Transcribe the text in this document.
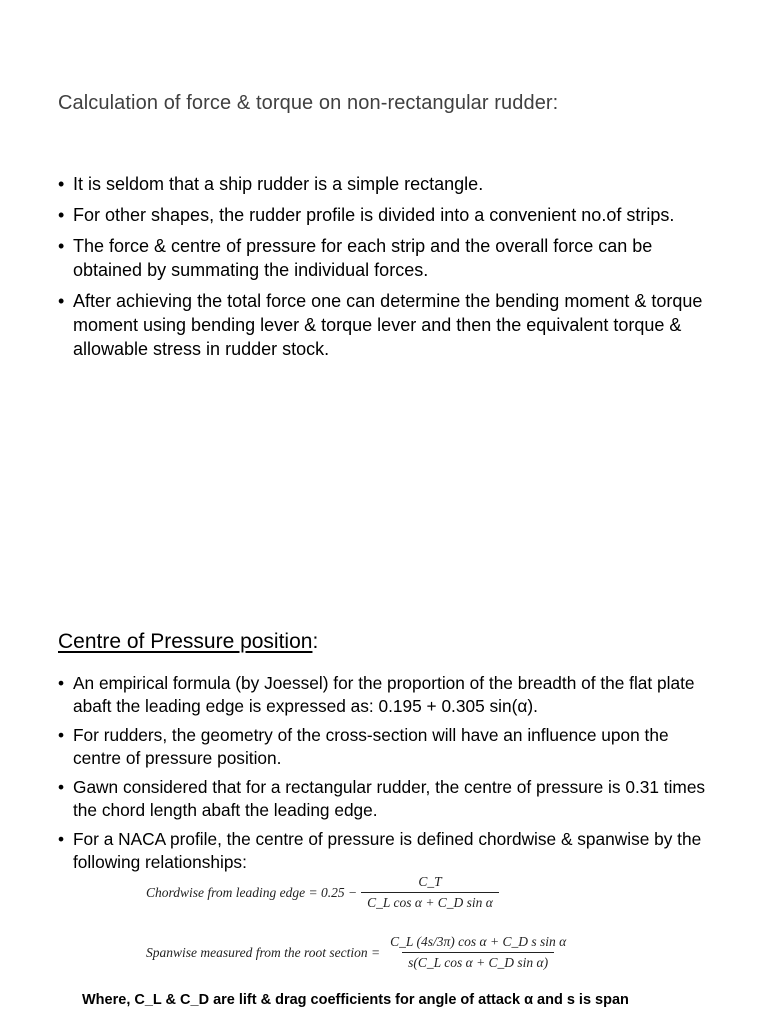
Calculation of force & torque on non-rectangular rudder:
• It is seldom that a ship rudder is a simple rectangle.
• For other shapes, the rudder profile is divided into a convenient no.of strips.
• The force & centre of pressure for each strip and the overall force can be obtained by summating the individual forces.
• After achieving the total force one can determine the bending moment & torque moment using bending lever & torque lever and then the equivalent torque & allowable stress in rudder stock.
Centre of Pressure position:
• An empirical formula (by Joessel) for the proportion of the breadth of the flat plate abaft the leading edge is expressed as: 0.195 + 0.305 sin(α).
• For rudders, the geometry of the cross-section will have an influence upon the centre of pressure position.
• Gawn considered that for a rectangular rudder, the centre of pressure is 0.31 times the chord length abaft the leading edge.
• For a NACA profile, the centre of pressure is defined chordwise & spanwise by the following relationships:
Chordwise from leading edge = $0.25 - \frac{C\_T}{\text{C\_L cos α + C\_D sin α}}$
Spanwise measured from the root section = $\frac{\text{C\_L (4s/3π) cos α + C\_D s sin α}}{\text{s(C\_L cos α + C\_D sin α)}}$
Where, C_L & C_D are lift & drag coefficients for angle of attack α and s is span
